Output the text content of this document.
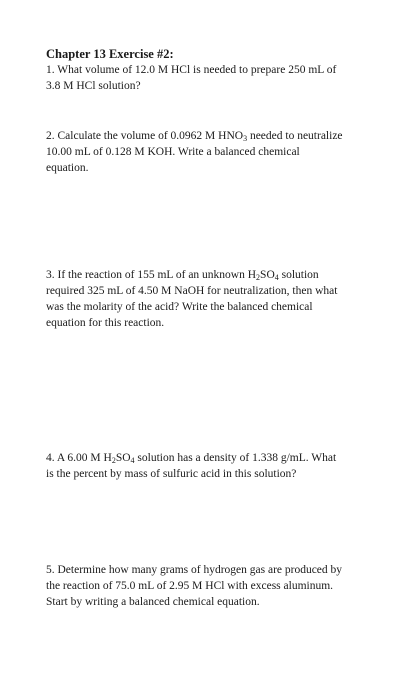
Chapter 13 Exercise #2:
1. What volume of 12.0 M HCl is needed to prepare 250 mL of
3.8 M HCl solution?
2. Calculate the volume of 0.0962 M $HNO_3$ needed to neutralize
10.00 mL of 0.128 M KOH. Write a balanced chemical
equation.
3. If the reaction of 155 mL of an unknown $H_2SO_4$ solution
required 325 mL of 4.50 M NaOH for neutralization, then what
was the molarity of the acid? Write the balanced chemical
equation for this reaction.
4. A 6.00 M $H_2SO_4$ solution has a density of 1.338 g/mL. What
is the percent by mass of sulfuric acid in this solution?
5. Determine how many grams of hydrogen gas are produced by
the reaction of 75.0 mL of 2.95 M HCl with excess aluminum.
Start by writing a balanced chemical equation.
